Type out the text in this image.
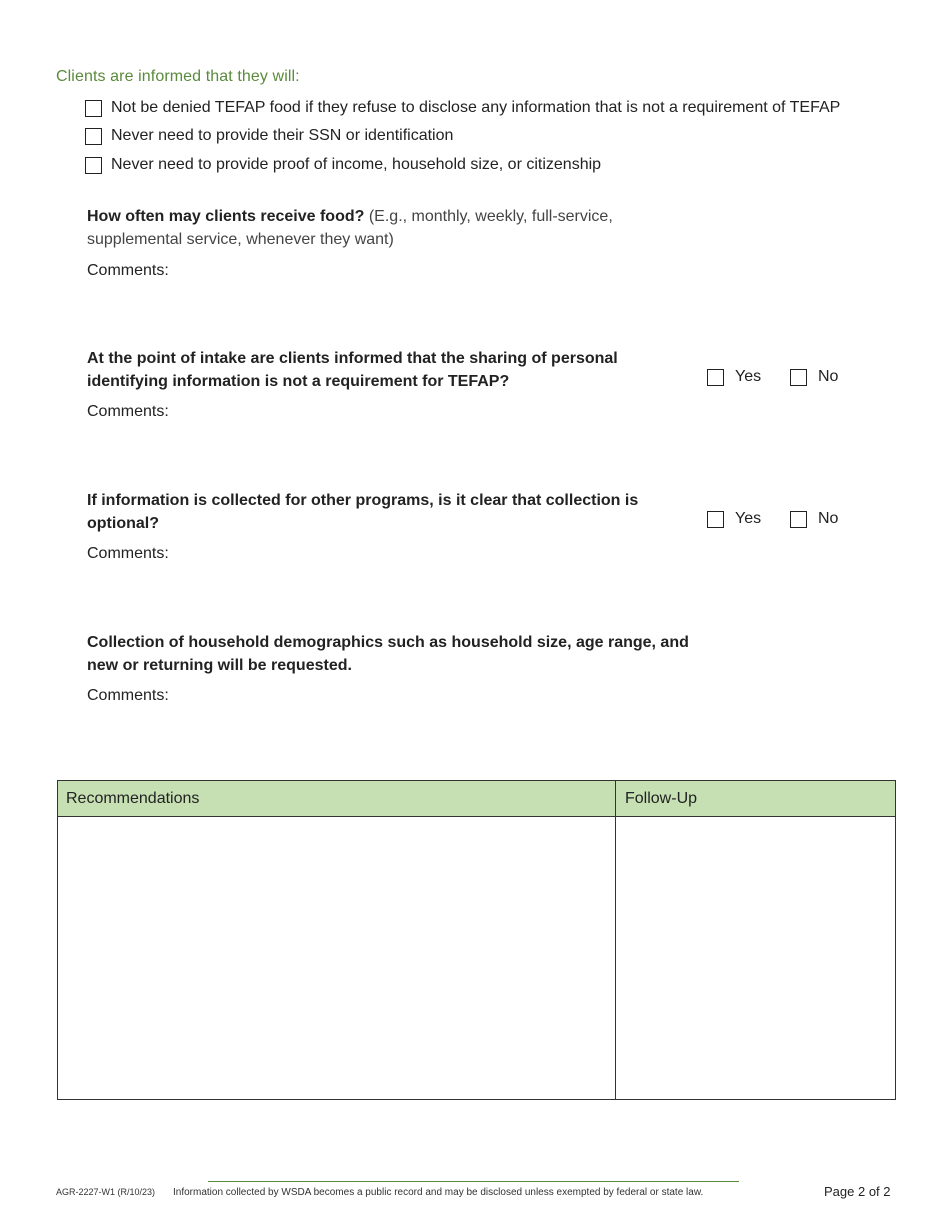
Clients are informed that they will:
Not be denied TEFAP food if they refuse to disclose any information that is not a requirement of TEFAP
Never need to provide their SSN or identification
Never need to provide proof of income, household size, or citizenship
How often may clients receive food? (E.g., monthly, weekly, full-service, supplemental service, whenever they want)
Comments:
At the point of intake are clients informed that the sharing of personal identifying information is not a requirement for TEFAP?	Yes	No
Comments:
If information is collected for other programs, is it clear that collection is optional?	Yes	No
Comments:
Collection of household demographics such as household size, age range, and new or returning will be requested.
Comments:
Recommendations	Follow-Up
AGR-2227-W1 (R/10/23) Information collected by WSDA becomes a public record and may be disclosed unless exempted by federal or state law.	Page 2 of 2
